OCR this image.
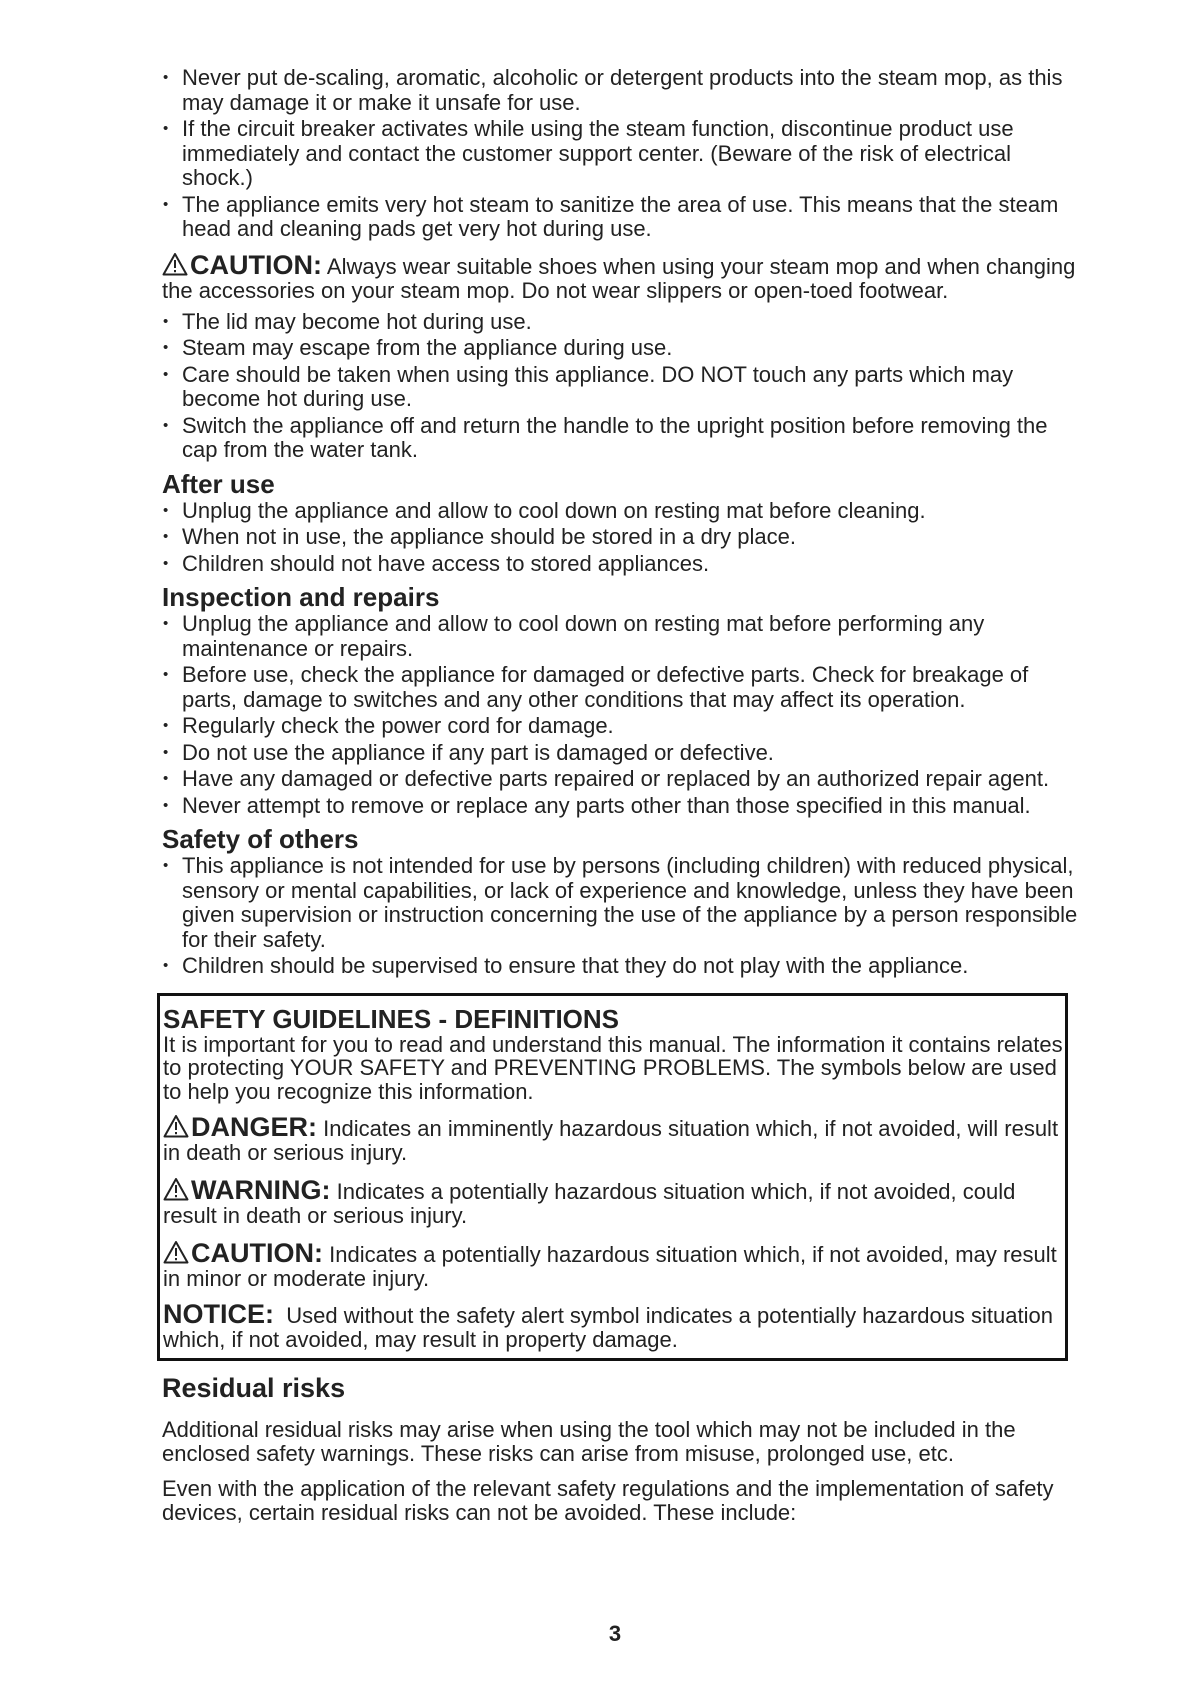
• Never put de-scaling, aromatic, alcoholic or detergent products into the steam mop, as this may damage it or make it unsafe for use.
• If the circuit breaker activates while using the steam function, discontinue product use immediately and contact the customer support center. (Beware of the risk of electrical shock.)
• The appliance emits very hot steam to sanitize the area of use. This means that the steam head and cleaning pads get very hot during use.

CAUTION: Always wear suitable shoes when using your steam mop and when changing the accessories on your steam mop. Do not wear slippers or open-toed footwear.

• The lid may become hot during use.
• Steam may escape from the appliance during use.
• Care should be taken when using this appliance. DO NOT touch any parts which may become hot during use.
• Switch the appliance off and return the handle to the upright position before removing the cap from the water tank.
After use
• Unplug the appliance and allow to cool down on resting mat before cleaning.
• When not in use, the appliance should be stored in a dry place.
• Children should not have access to stored appliances.
Inspection and repairs
• Unplug the appliance and allow to cool down on resting mat before performing any maintenance or repairs.
• Before use, check the appliance for damaged or defective parts. Check for breakage of parts, damage to switches and any other conditions that may affect its operation.
• Regularly check the power cord for damage.
• Do not use the appliance if any part is damaged or defective.
• Have any damaged or defective parts repaired or replaced by an authorized repair agent.
• Never attempt to remove or replace any parts other than those specified in this manual.
Safety of others
• This appliance is not intended for use by persons (including children) with reduced physical, sensory or mental capabilities, or lack of experience and knowledge, unless they have been given supervision or instruction concerning the use of the appliance by a person responsible for their safety.
• Children should be supervised to ensure that they do not play with the appliance.
SAFETY GUIDELINES - DEFINITIONS

It is important for you to read and understand this manual. The information it contains relates to protecting YOUR SAFETY and PREVENTING PROBLEMS. The symbols below are used to help you recognize this information.

DANGER: Indicates an imminently hazardous situation which, if not avoided, will result in death or serious injury.

WARNING: Indicates a potentially hazardous situation which, if not avoided, could result in death or serious injury.

CAUTION: Indicates a potentially hazardous situation which, if not avoided, may result in minor or moderate injury.

NOTICE: Used without the safety alert symbol indicates a potentially hazardous situation which, if not avoided, may result in property damage.

Residual risks

Additional residual risks may arise when using the tool which may not be included in the enclosed safety warnings. These risks can arise from misuse, prolonged use, etc.

Even with the application of the relevant safety regulations and the implementation of safety devices, certain residual risks can not be avoided. These include:

3
